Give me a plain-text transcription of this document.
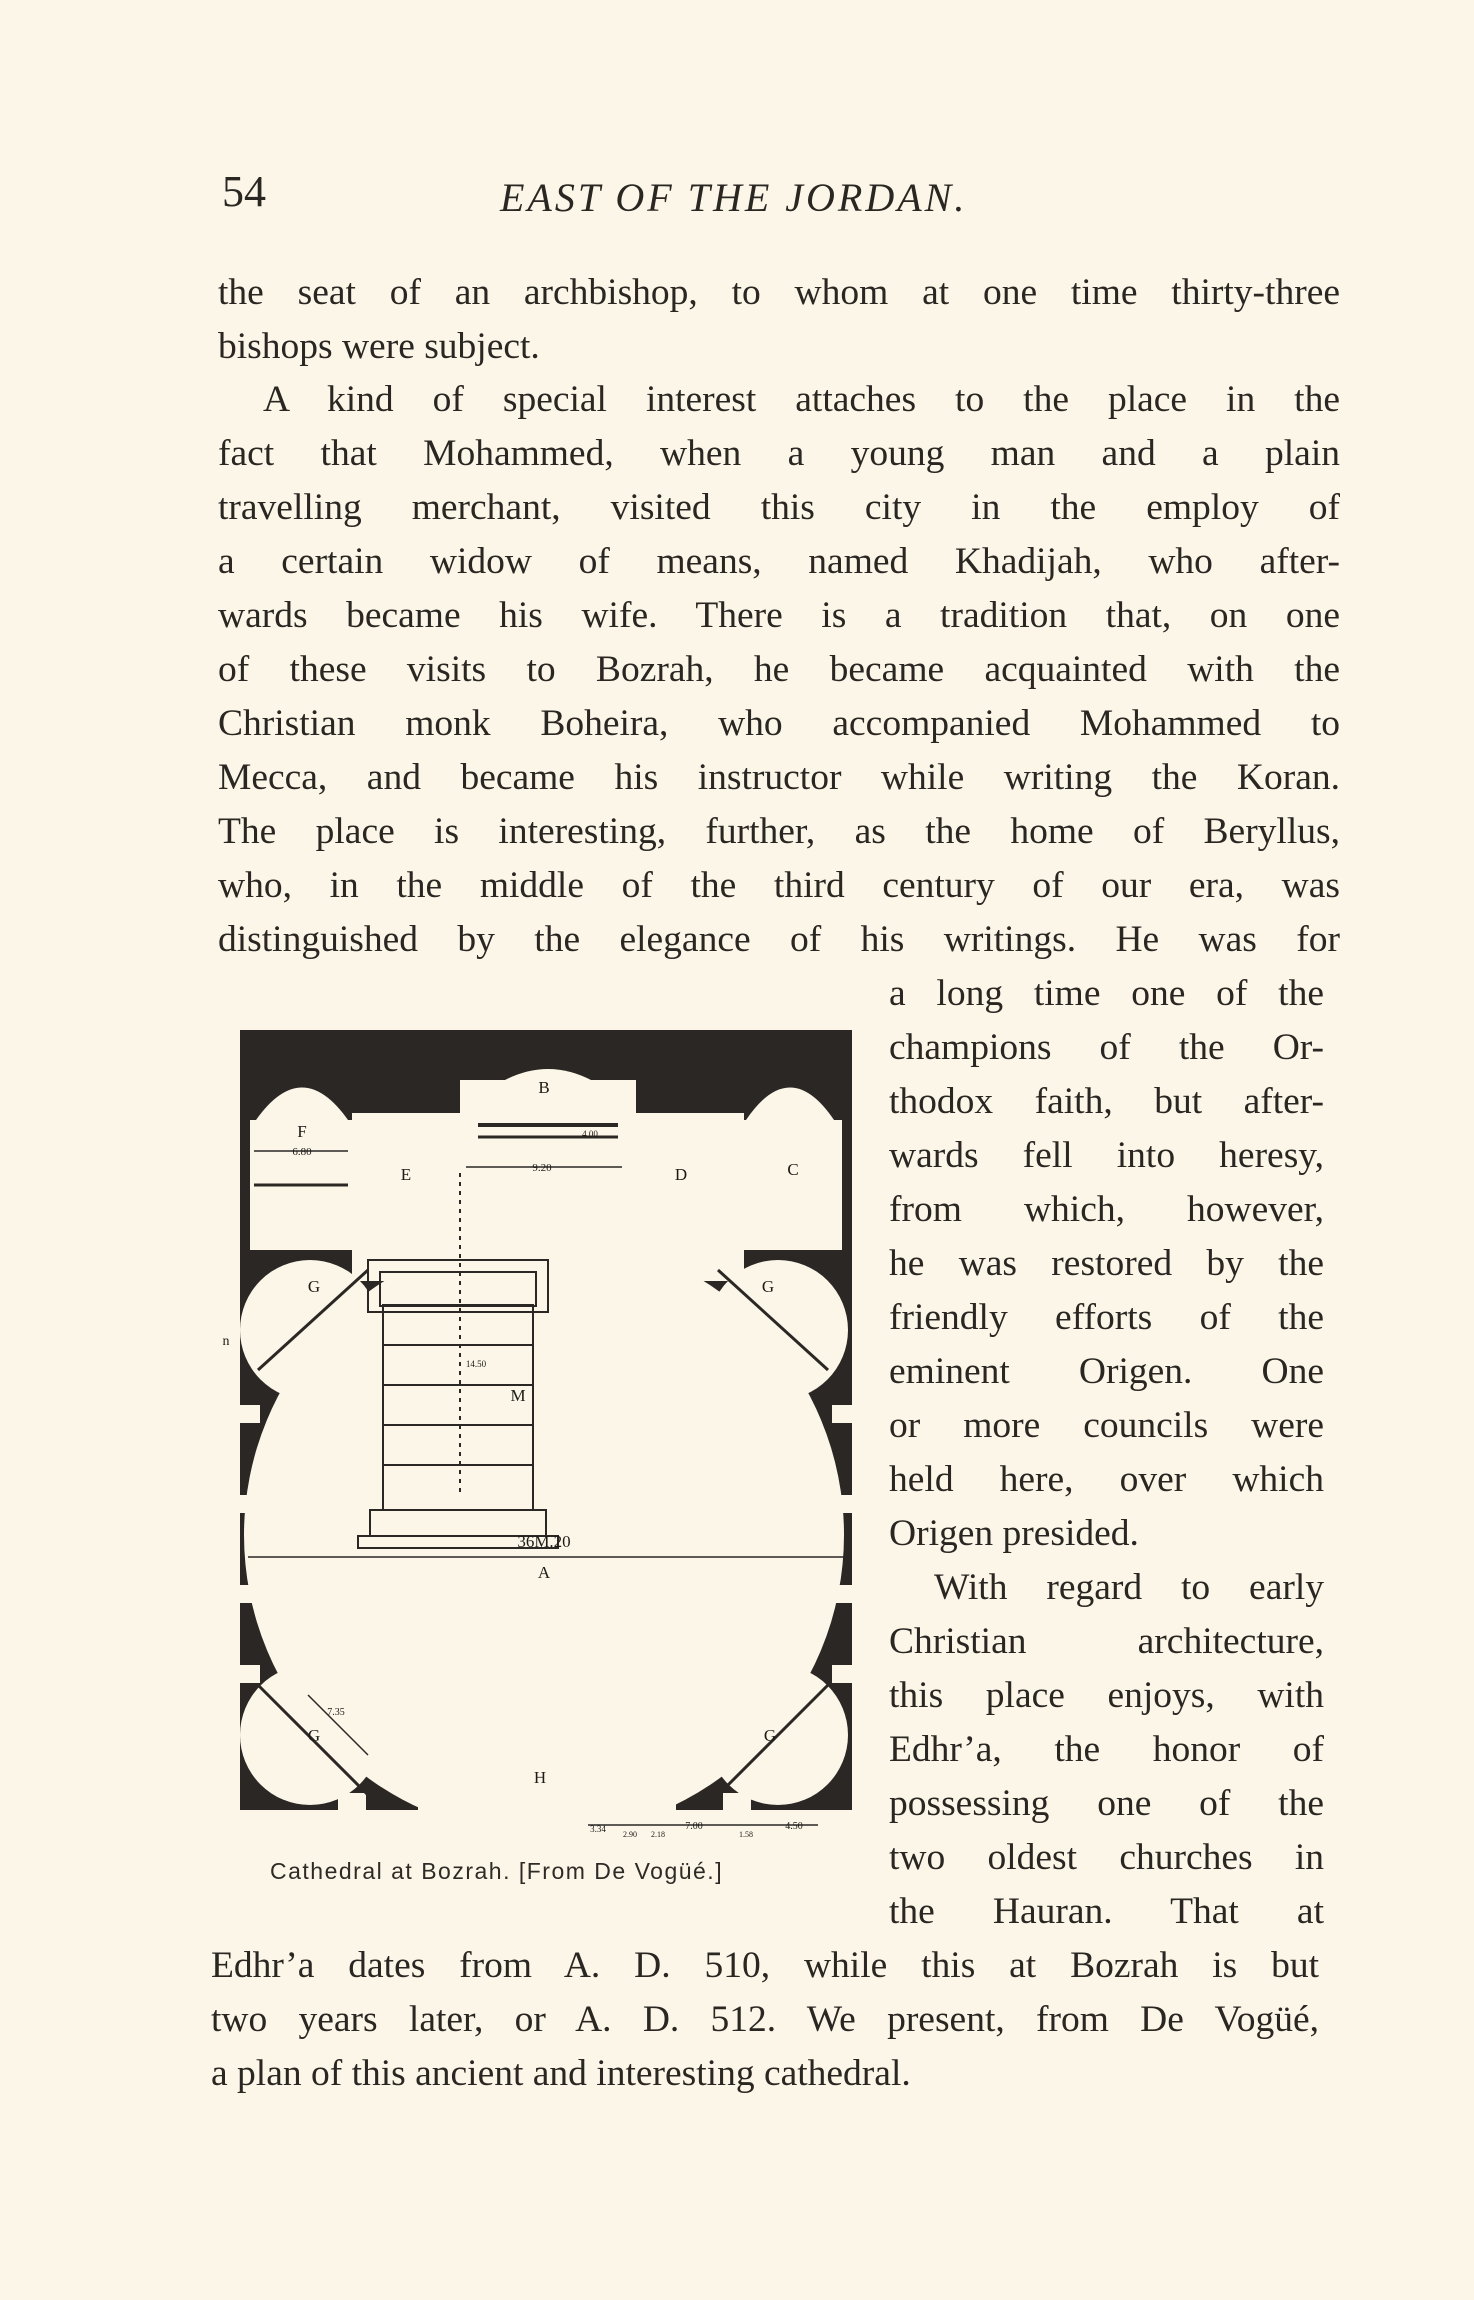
54	EAST OF THE JORDAN.
the seat of an archbishop, to whom at one time thirty-three
bishops were subject.
A kind of special interest attaches to the place in the
fact that Mohammed, when a young man and a plain
travelling merchant, visited this city in the employ of
a certain widow of means, named Khadijah, who after-
wards became his wife. There is a tradition that, on one
of these visits to Bozrah, he became acquainted with the
Christian monk Boheira, who accompanied Mohammed to
Mecca, and became his instructor while writing the Koran.
The place is interesting, further, as the home of Beryllus,
who, in the middle of the third century of our era, was
distinguished by the elegance of his writings. He was for
a long time one of the
champions of the Or-
thodox faith, but after-
wards fell into heresy,
from which, however,
he was restored by the
friendly efforts of the
eminent Origen. One
or more councils were
held here, over which
Origen presided.
With regard to early
Christian architecture,
this place enjoys, with
Edhr’a, the honor of
possessing one of the
two oldest churches in
the Hauran. That at
Edhr’a dates from A. D. 510, while this at Bozrah is but
two years later, or A. D. 512. We present, from De Vogüé,
a plan of this ancient and interesting cathedral.
B
F
E	D	C
G	G
G	G
M
36M.20
A
H
6.80
9.20
4.00
14.50
7.35
3.34
2.90 2.18
7.00
1.58
4.50
n
Cathedral at Bozrah. [From De Vogüé.]
